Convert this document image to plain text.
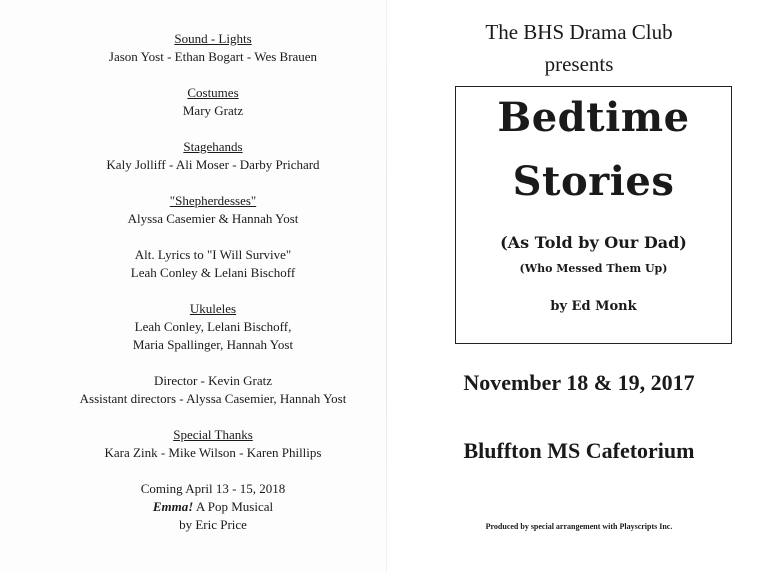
Sound - Lights
Jason Yost - Ethan Bogart - Wes Brauen
Costumes
Mary Gratz
Stagehands
Kaly Jolliff - Ali Moser - Darby Prichard
"Shepherdesses"
Alyssa Casemier & Hannah Yost
Alt. Lyrics to "I Will Survive"
Leah Conley & Lelani Bischoff
Ukuleles
Leah Conley, Lelani Bischoff,
Maria Spallinger, Hannah Yost
Director - Kevin Gratz
Assistant directors - Alyssa Casemier, Hannah Yost
Special Thanks
Kara Zink - Mike Wilson - Karen Phillips
Coming April 13 - 15, 2018
Emma! A Pop Musical
by Eric Price
The BHS Drama Club
presents
Bedtime
Stories
(As Told by Our Dad)
(Who Messed Them Up)
by Ed Monk
November 18 & 19, 2017
Bluffton MS Cafetorium
Produced by special arrangement with Playscripts Inc.
